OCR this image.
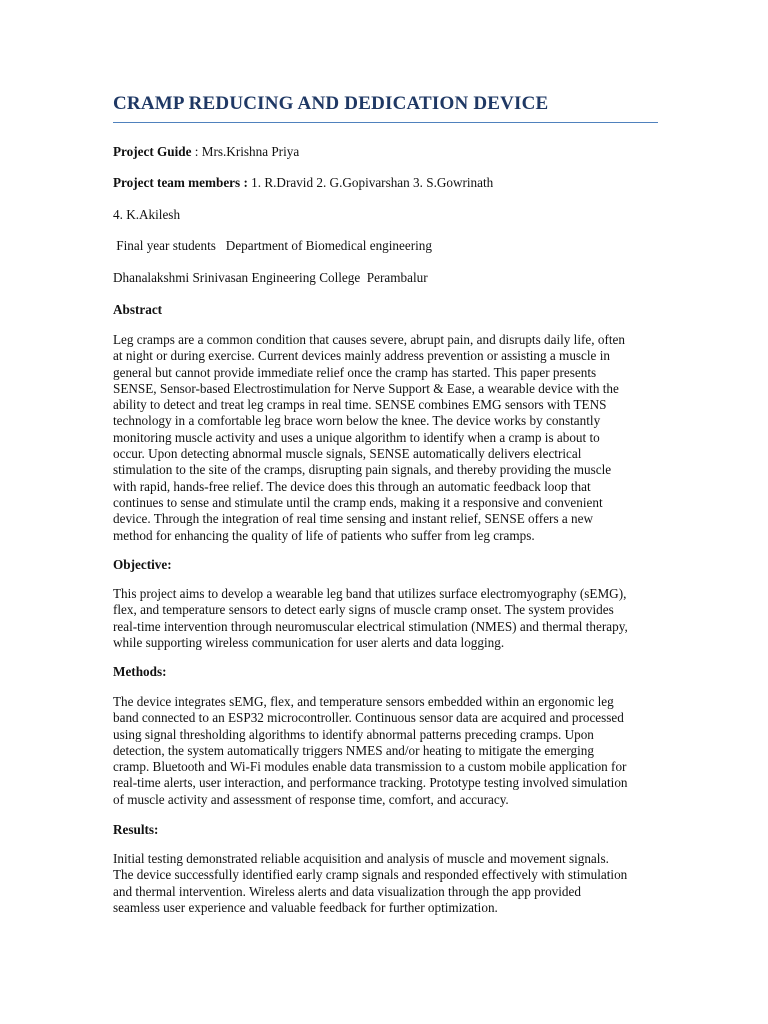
CRAMP REDUCING AND DEDICATION DEVICE
Project Guide : Mrs.Krishna Priya
Project team members : 1. R.Dravid 2. G.Gopivarshan 3. S.Gowrinath
4. K.Akilesh
Final year students   Department of Biomedical engineering
Dhanalakshmi Srinivasan Engineering College  Perambalur
Abstract
Leg cramps are a common condition that causes severe, abrupt pain, and disrupts daily life, often
at night or during exercise. Current devices mainly address prevention or assisting a muscle in
general but cannot provide immediate relief once the cramp has started. This paper presents
SENSE, Sensor-based Electrostimulation for Nerve Support & Ease, a wearable device with the
ability to detect and treat leg cramps in real time. SENSE combines EMG sensors with TENS
technology in a comfortable leg brace worn below the knee. The device works by constantly
monitoring muscle activity and uses a unique algorithm to identify when a cramp is about to
occur. Upon detecting abnormal muscle signals, SENSE automatically delivers electrical
stimulation to the site of the cramps, disrupting pain signals, and thereby providing the muscle
with rapid, hands-free relief. The device does this through an automatic feedback loop that
continues to sense and stimulate until the cramp ends, making it a responsive and convenient
device. Through the integration of real time sensing and instant relief, SENSE offers a new
method for enhancing the quality of life of patients who suffer from leg cramps.
Objective:
This project aims to develop a wearable leg band that utilizes surface electromyography (sEMG),
flex, and temperature sensors to detect early signs of muscle cramp onset. The system provides
real-time intervention through neuromuscular electrical stimulation (NMES) and thermal therapy,
while supporting wireless communication for user alerts and data logging.
Methods:
The device integrates sEMG, flex, and temperature sensors embedded within an ergonomic leg
band connected to an ESP32 microcontroller. Continuous sensor data are acquired and processed
using signal thresholding algorithms to identify abnormal patterns preceding cramps. Upon
detection, the system automatically triggers NMES and/or heating to mitigate the emerging
cramp. Bluetooth and Wi-Fi modules enable data transmission to a custom mobile application for
real-time alerts, user interaction, and performance tracking. Prototype testing involved simulation
of muscle activity and assessment of response time, comfort, and accuracy.
Results:
Initial testing demonstrated reliable acquisition and analysis of muscle and movement signals.
The device successfully identified early cramp signals and responded effectively with stimulation
and thermal intervention. Wireless alerts and data visualization through the app provided
seamless user experience and valuable feedback for further optimization.
